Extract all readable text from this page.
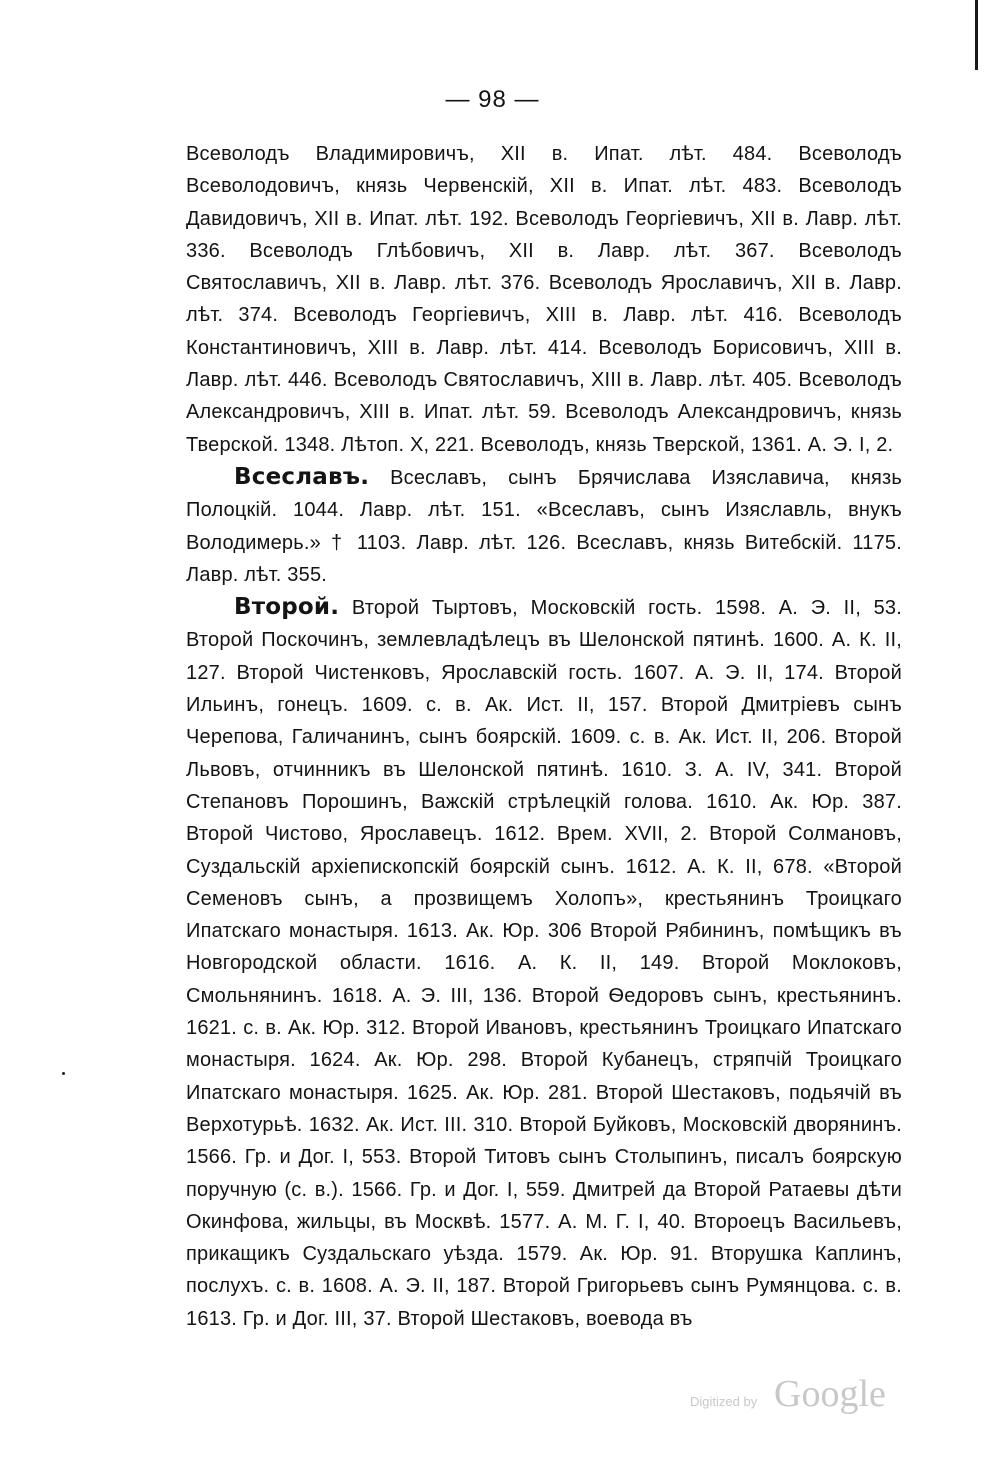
— 98 —

Всеволодъ Владимировичъ, XII в. Ипат. лѣт. 484. Всеволодъ Всеволодовичъ, князь Червенскій, XII в. Ипат. лѣт. 483. Всеволодъ Давидовичъ, XII в. Ипат. лѣт. 192. Всеволодъ Георгіевичъ, XII в. Лавр. лѣт. 336. Всеволодъ Глѣбовичъ, XII в. Лавр. лѣт. 367. Всеволодъ Святославичъ, XII в. Лавр. лѣт. 376. Всеволодъ Ярославичъ, XII в. Лавр. лѣт. 374. Всеволодъ Георгіевичъ, XIII в. Лавр. лѣт. 416. Всеволодъ Константиновичъ, XIII в. Лавр. лѣт. 414. Всеволодъ Борисовичъ, XIII в. Лавр. лѣт. 446. Всеволодъ Святославичъ, XIII в. Лавр. лѣт. 405. Всеволодъ Александровичъ, XIII в. Ипат. лѣт. 59. Всеволодъ Александровичъ, князь Тверской. 1348. Лѣтоп. X, 221. Всеволодъ, князь Тверской, 1361. А. Э. I, 2.

Всеславъ. Всеславъ, сынъ Брячислава Изяславича, князь Полоцкій. 1044. Лавр. лѣт. 151. «Всеславъ, сынъ Изяславль, внукъ Володимерь.» † 1103. Лавр. лѣт. 126. Всеславъ, князь Витебскій. 1175. Лавр. лѣт. 355.

Второй. Второй Тыртовъ, Московскій гость. 1598. А. Э. II, 53. Второй Поскочинъ, землевладѣлецъ въ Шелонской пятинѣ. 1600. А. К. II, 127. Второй Чистенковъ, Ярославскій гость. 1607. А. Э. II, 174. Второй Ильинъ, гонецъ. 1609. с. в. Ак. Ист. II, 157. Второй Дмитріевъ сынъ Черепова, Галичанинъ, сынъ боярскій. 1609. с. в. Ак. Ист. II, 206. Второй Львовъ, отчинникъ въ Шелонской пятинѣ. 1610. З. А. IV, 341. Второй Степановъ Порошинъ, Важскій стрѣлецкій голова. 1610. Ак. Юр. 387. Второй Чистово, Ярославецъ. 1612. Врем. XVII, 2. Второй Солмановъ, Суздальскій архіепископскій боярскій сынъ. 1612. А. К. II, 678. «Второй Семеновъ сынъ, а прозвищемъ Холопъ», крестьянинъ Троицкаго Ипатскаго монастыря. 1613. Ак. Юр. 306 Второй Рябининъ, помѣщикъ въ Новгородской области. 1616. А. К. II, 149. Второй Моклоковъ, Смольнянинъ. 1618. А. Э. III, 136. Второй Ѳедоровъ сынъ, крестьянинъ. 1621. с. в. Ак. Юр. 312. Второй Ивановъ, крестьянинъ Троицкаго Ипатскаго монастыря. 1624. Ак. Юр. 298. Второй Кубанецъ, стряпчій Троицкаго Ипатскаго монастыря. 1625. Ак. Юр. 281. Второй Шестаковъ, подьячій въ Верхотурьѣ. 1632. Ак. Ист. III. 310. Второй Буйковъ, Московскій дворянинъ. 1566. Гр. и Дог. I, 553. Второй Титовъ сынъ Столыпинъ, писалъ боярскую поручную (с. в.). 1566. Гр. и Дог. I, 559. Дмитрей да Второй Ратаевы дѣти Окинфова, жильцы, въ Москвѣ. 1577. А. М. Г. I, 40. Второецъ Васильевъ, прикащикъ Суздальскаго уѣзда. 1579. Ак. Юр. 91. Вторушка Каплинъ, послухъ. с. в. 1608. А. Э. II, 187. Второй Григорьевъ сынъ Румянцова. с. в. 1613. Гр. и Дог. III, 37. Второй Шестаковъ, воевода въ

Digitized by Google
